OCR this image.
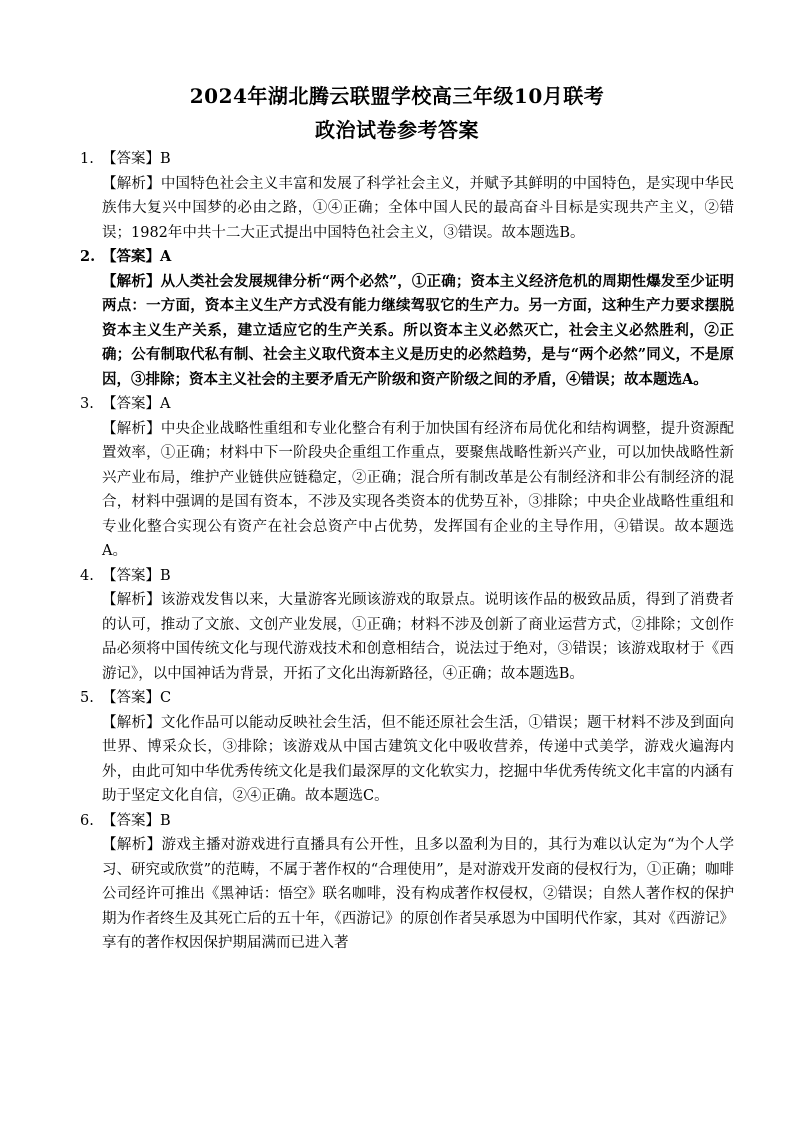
2024年湖北腾云联盟学校高三年级10月联考
政治试卷参考答案
1. 【答案】B
【解析】中国特色社会主义丰富和发展了科学社会主义，并赋予其鲜明的中国特色，是实现中华民族伟大复兴中国梦的必由之路，①④正确；全体中国人民的最高奋斗目标是实现共产主义，②错误；1982年中共十二大正式提出中国特色社会主义，③错误。故本题选B。
2. 【答案】A
【解析】从人类社会发展规律分析“两个必然”，①正确；资本主义经济危机的周期性爆发至少证明两点：一方面，资本主义生产方式没有能力继续驾驭它的生产力。另一方面，这种生产力要求摆脱资本主义生产关系，建立适应它的生产关系。所以资本主义必然灭亡，社会主义必然胜利，②正确；公有制取代私有制、社会主义取代资本主义是历史的必然趋势，是与“两个必然”同义，不是原因，③排除；资本主义社会的主要矛盾无产阶级和资产阶级之间的矛盾，④错误；故本题选A。
3. 【答案】A
【解析】中央企业战略性重组和专业化整合有利于加快国有经济布局优化和结构调整，提升资源配置效率，①正确；材料中下一阶段央企重组工作重点，要聚焦战略性新兴产业，可以加快战略性新兴产业布局，维护产业链供应链稳定，②正确；混合所有制改革是公有制经济和非公有制经济的混合，材料中强调的是国有资本，不涉及实现各类资本的优势互补，③排除；中央企业战略性重组和专业化整合实现公有资产在社会总资产中占优势，发挥国有企业的主导作用，④错误。故本题选A。
4. 【答案】B
【解析】该游戏发售以来，大量游客光顾该游戏的取景点。说明该作品的极致品质，得到了消费者的认可，推动了文旅、文创产业发展，①正确；材料不涉及创新了商业运营方式，②排除；文创作品必须将中国传统文化与现代游戏技术和创意相结合，说法过于绝对，③错误；该游戏取材于《西游记》，以中国神话为背景，开拓了文化出海新路径，④正确；故本题选B。
5. 【答案】C
【解析】文化作品可以能动反映社会生活，但不能还原社会生活，①错误；题干材料不涉及到面向世界、博采众长，③排除；该游戏从中国古建筑文化中吸收营养，传递中式美学，游戏火遍海内外，由此可知中华优秀传统文化是我们最深厚的文化软实力，挖掘中华优秀传统文化丰富的内涵有助于坚定文化自信，②④正确。故本题选C。
6. 【答案】B
【解析】游戏主播对游戏进行直播具有公开性，且多以盈利为目的，其行为难以认定为“为个人学习、研究或欣赏”的范畴，不属于著作权的“合理使用”，是对游戏开发商的侵权行为，①正确；咖啡公司经许可推出《黑神话：悟空》联名咖啡，没有构成著作权侵权，②错误；自然人著作权的保护期为作者终生及其死亡后的五十年，《西游记》的原创作者吴承恩为中国明代作家，其对《西游记》享有的著作权因保护期届满而已进入著
